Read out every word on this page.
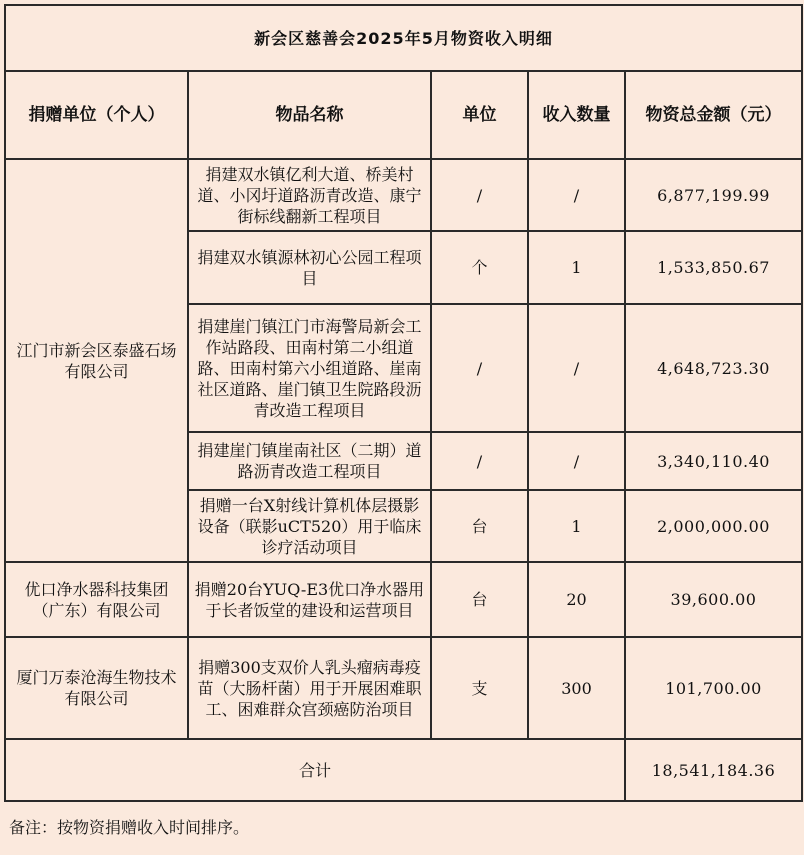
新会区慈善会2025年5月物资收入明细				
捐赠单位（个人）	物品名称	单位	收入数量	物资总金额（元）
江门市新会区泰盛石场有限公司	捐建双水镇亿利大道、桥美村道、小冈圩道路沥青改造、康宁街标线翻新工程项目	/	/	6,877,199.99
	捐建双水镇源林初心公园工程项目	个	1	1,533,850.67
	捐建崖门镇江门市海警局新会工作站路段、田南村第二小组道路、田南村第六小组道路、崖南社区道路、崖门镇卫生院路段沥青改造工程项目	/	/	4,648,723.30
	捐建崖门镇崖南社区（二期）道路沥青改造工程项目	/	/	3,340,110.40
	捐赠一台X射线计算机体层摄影设备（联影uCT520）用于临床诊疗活动项目	台	1	2,000,000.00
优口净水器科技集团（广东）有限公司	捐赠20台YUQ-E3优口净水器用于长者饭堂的建设和运营项目	台	20	39,600.00
厦门万泰沧海生物技术有限公司	捐赠300支双价人乳头瘤病毒疫苗（大肠杆菌）用于开展困难职工、困难群众宫颈癌防治项目	支	300	101,700.00
合计				18,541,184.36
备注：按物资捐赠收入时间排序。				
